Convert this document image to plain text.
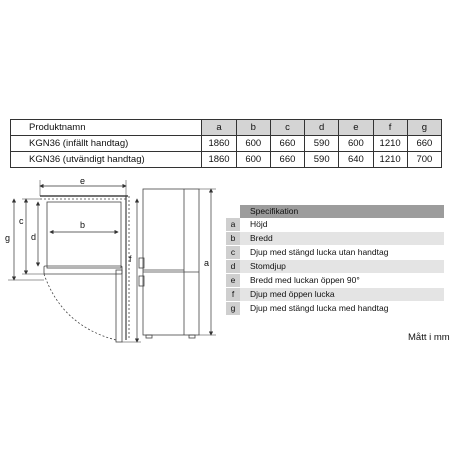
Produktnamn	a	b	c	d	e	f	g
KGN36 (infällt handtag)	1860	600	660	590	600	1210	660
KGN36 (utvändigt handtag)	1860	600	660	590	640	1210	700
e
b
g
c
d
f	a
Specifikation
a	Höjd
b	Bredd
c	Djup med stängd lucka utan handtag
d	Stomdjup
e	Bredd med luckan öppen 90°
f	Djup med öppen lucka
g	Djup med stängd lucka med handtag
Mått i mm
